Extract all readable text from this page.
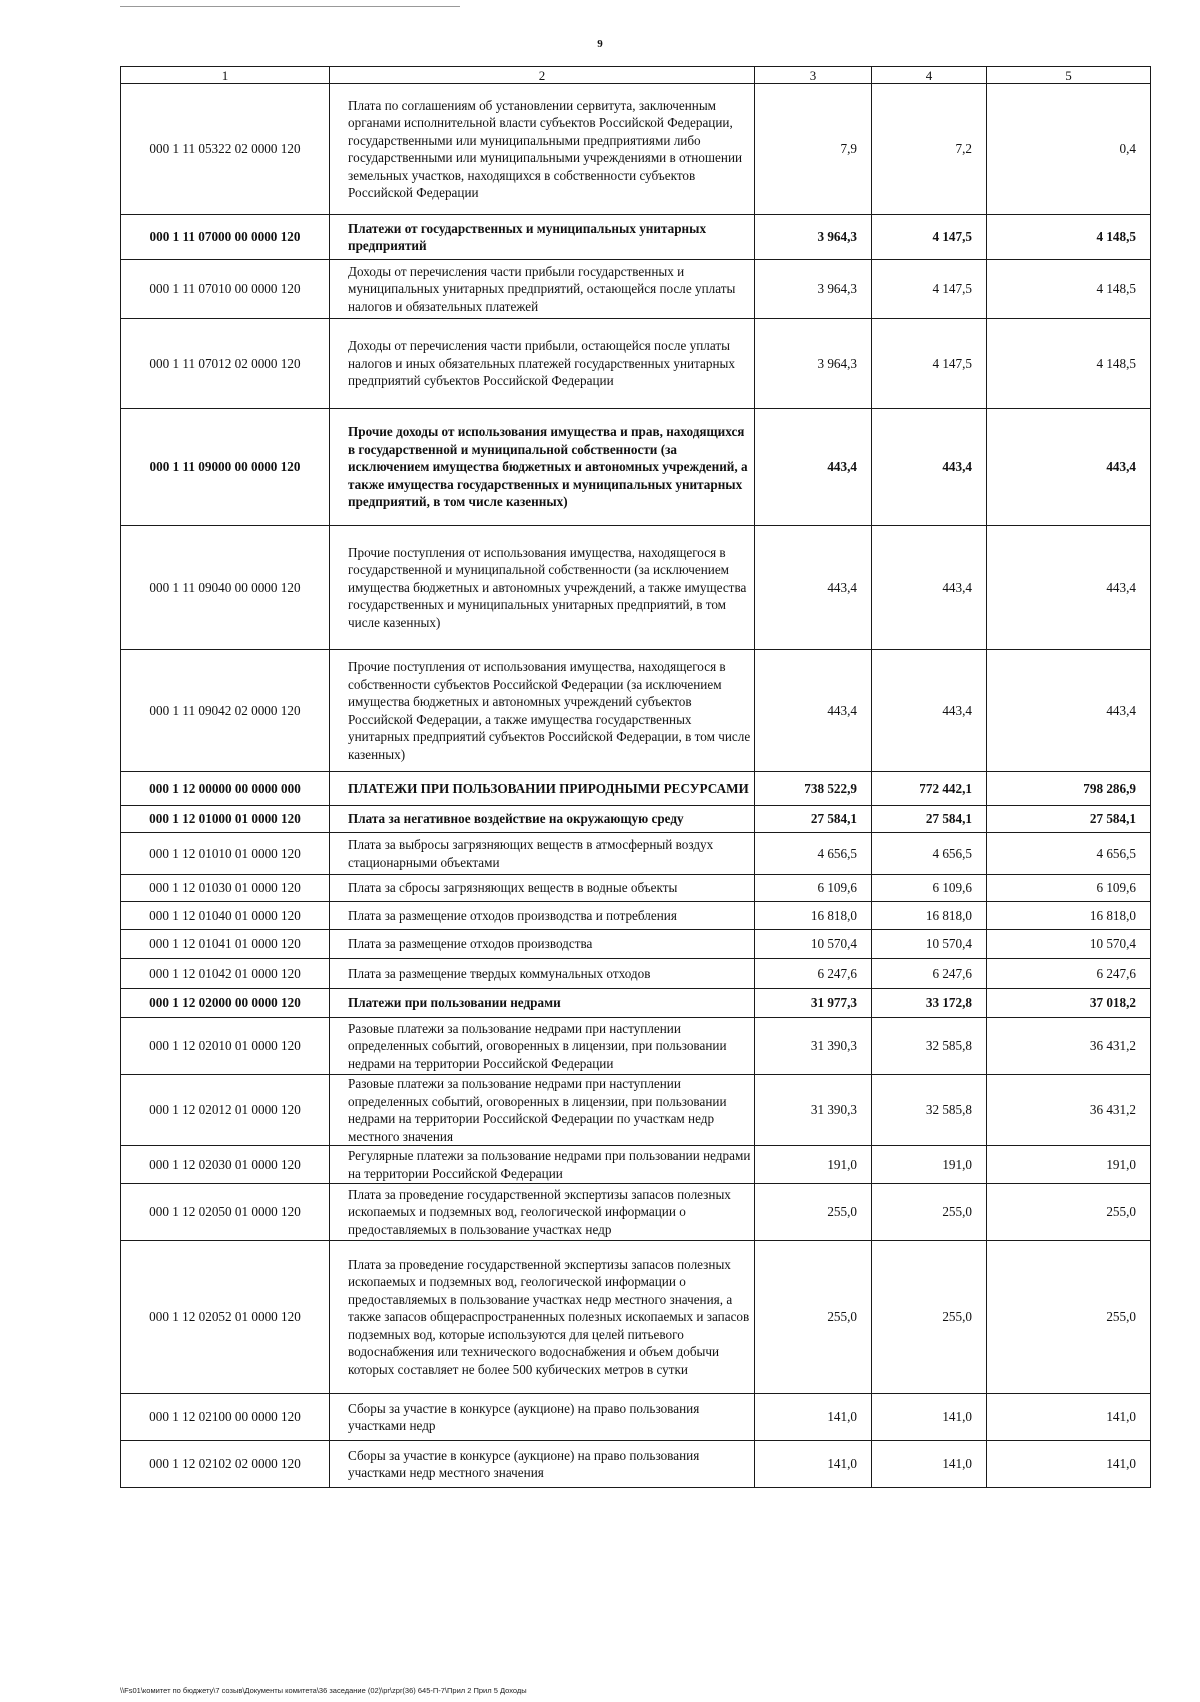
9
1	2	3	4	5
000 1 11 05322 02 0000 120	Плата по соглашениям об установлении сервитута, заключенным органами исполнительной власти субъектов Российской Федерации, государственными или муниципальными предприятиями либо государственными или муниципальными учреждениями в отношении земельных участков, находящихся в собственности субъектов Российской Федерации	7,9	7,2	0,4
000 1 11 07000 00 0000 120	Платежи от государственных и муниципальных унитарных предприятий	3 964,3	4 147,5	4 148,5
000 1 11 07010 00 0000 120	Доходы от перечисления части прибыли государственных и муниципальных унитарных предприятий, остающейся после уплаты налогов и обязательных платежей	3 964,3	4 147,5	4 148,5
000 1 11 07012 02 0000 120	Доходы от перечисления части прибыли, остающейся после уплаты налогов и иных обязательных платежей государственных унитарных предприятий субъектов Российской Федерации	3 964,3	4 147,5	4 148,5
000 1 11 09000 00 0000 120	Прочие доходы от использования имущества и прав, находящихся в государственной и муниципальной собственности (за исключением имущества бюджетных и автономных учреждений, а также имущества государственных и муниципальных унитарных предприятий, в том числе казенных)	443,4	443,4	443,4
000 1 11 09040 00 0000 120	Прочие поступления от использования имущества, находящегося в государственной и муниципальной собственности (за исключением имущества бюджетных и автономных учреждений, а также имущества государственных и муниципальных унитарных предприятий, в том числе казенных)	443,4	443,4	443,4
000 1 11 09042 02 0000 120	Прочие поступления от использования имущества, находящегося в собственности субъектов Российской Федерации (за исключением имущества бюджетных и автономных учреждений субъектов Российской Федерации, а также имущества государственных унитарных предприятий субъектов Российской Федерации, в том числе казенных)	443,4	443,4	443,4
000 1 12 00000 00 0000 000	ПЛАТЕЖИ ПРИ ПОЛЬЗОВАНИИ ПРИРОДНЫМИ РЕСУРСАМИ	738 522,9	772 442,1	798 286,9
000 1 12 01000 01 0000 120	Плата за негативное воздействие на окружающую среду	27 584,1	27 584,1	27 584,1
000 1 12 01010 01 0000 120	Плата за выбросы загрязняющих веществ в атмосферный воздух стационарными объектами	4 656,5	4 656,5	4 656,5
000 1 12 01030 01 0000 120	Плата за сбросы загрязняющих веществ в водные объекты	6 109,6	6 109,6	6 109,6
000 1 12 01040 01 0000 120	Плата за размещение отходов производства и потребления	16 818,0	16 818,0	16 818,0
000 1 12 01041 01 0000 120	Плата за размещение отходов производства	10 570,4	10 570,4	10 570,4
000 1 12 01042 01 0000 120	Плата за размещение твердых коммунальных отходов	6 247,6	6 247,6	6 247,6
000 1 12 02000 00 0000 120	Платежи при пользовании недрами	31 977,3	33 172,8	37 018,2
000 1 12 02010 01 0000 120	Разовые платежи за пользование недрами при наступлении определенных событий, оговоренных в лицензии, при пользовании недрами на территории Российской Федерации	31 390,3	32 585,8	36 431,2
000 1 12 02012 01 0000 120	Разовые платежи за пользование недрами при наступлении определенных событий, оговоренных в лицензии, при пользовании недрами на территории Российской Федерации по участкам недр местного значения	31 390,3	32 585,8	36 431,2
000 1 12 02030 01 0000 120	Регулярные платежи за пользование недрами при пользовании недрами на территории Российской Федерации	191,0	191,0	191,0
000 1 12 02050 01 0000 120	Плата за проведение государственной экспертизы запасов полезных ископаемых и подземных вод, геологической информации о предоставляемых в пользование участках недр	255,0	255,0	255,0
000 1 12 02052 01 0000 120	Плата за проведение государственной экспертизы запасов полезных ископаемых и подземных вод, геологической информации о предоставляемых в пользование участках недр местного значения, а также запасов общераспространенных полезных ископаемых и запасов подземных вод, которые используются для целей питьевого водоснабжения или технического водоснабжения и объем добычи которых составляет не более 500 кубических метров в сутки	255,0	255,0	255,0
000 1 12 02100 00 0000 120	Сборы за участие в конкурсе (аукционе) на право пользования участками недр	141,0	141,0	141,0
000 1 12 02102 02 0000 120	Сборы за участие в конкурсе (аукционе) на право пользования участками недр местного значения	141,0	141,0	141,0
\\Fs01\комитет по бюджету\7 созыв\Документы комитета\36 заседание (02)\pr\zpr(36) 645-П-7\Прил 2 Прил 5 Доходы
